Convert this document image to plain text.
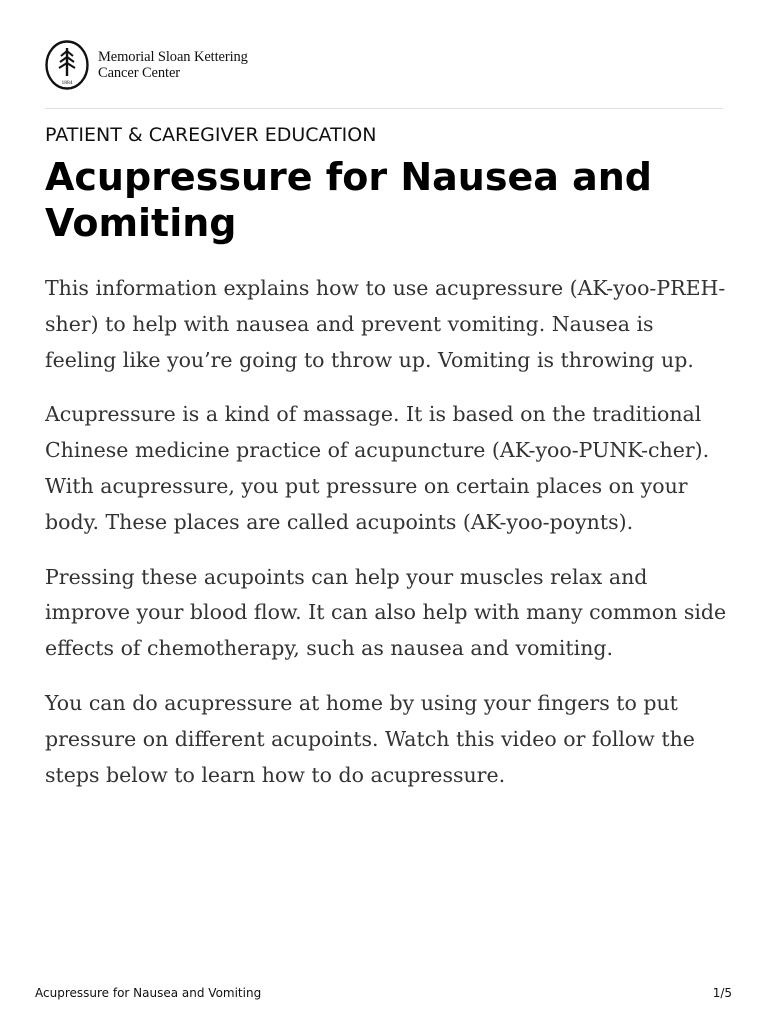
1884
Memorial Sloan Kettering
Cancer Center
PATIENT & CAREGIVER EDUCATION
Acupressure for Nausea and Vomiting

This information explains how to use acupressure (AK-yoo-PREH-sher) to help with nausea and prevent vomiting. Nausea is feeling like you’re going to throw up. Vomiting is throwing up.

Acupressure is a kind of massage. It is based on the traditional Chinese medicine practice of acupuncture (AK-yoo-PUNK-cher). With acupressure, you put pressure on certain places on your body. These places are called acupoints (AK-yoo-poynts).

Pressing these acupoints can help your muscles relax and improve your blood flow. It can also help with many common side effects of chemotherapy, such as nausea and vomiting.

You can do acupressure at home by using your fingers to put pressure on different acupoints. Watch this video or follow the steps below to learn how to do acupressure.

Acupressure for Nausea and Vomiting	1/5
